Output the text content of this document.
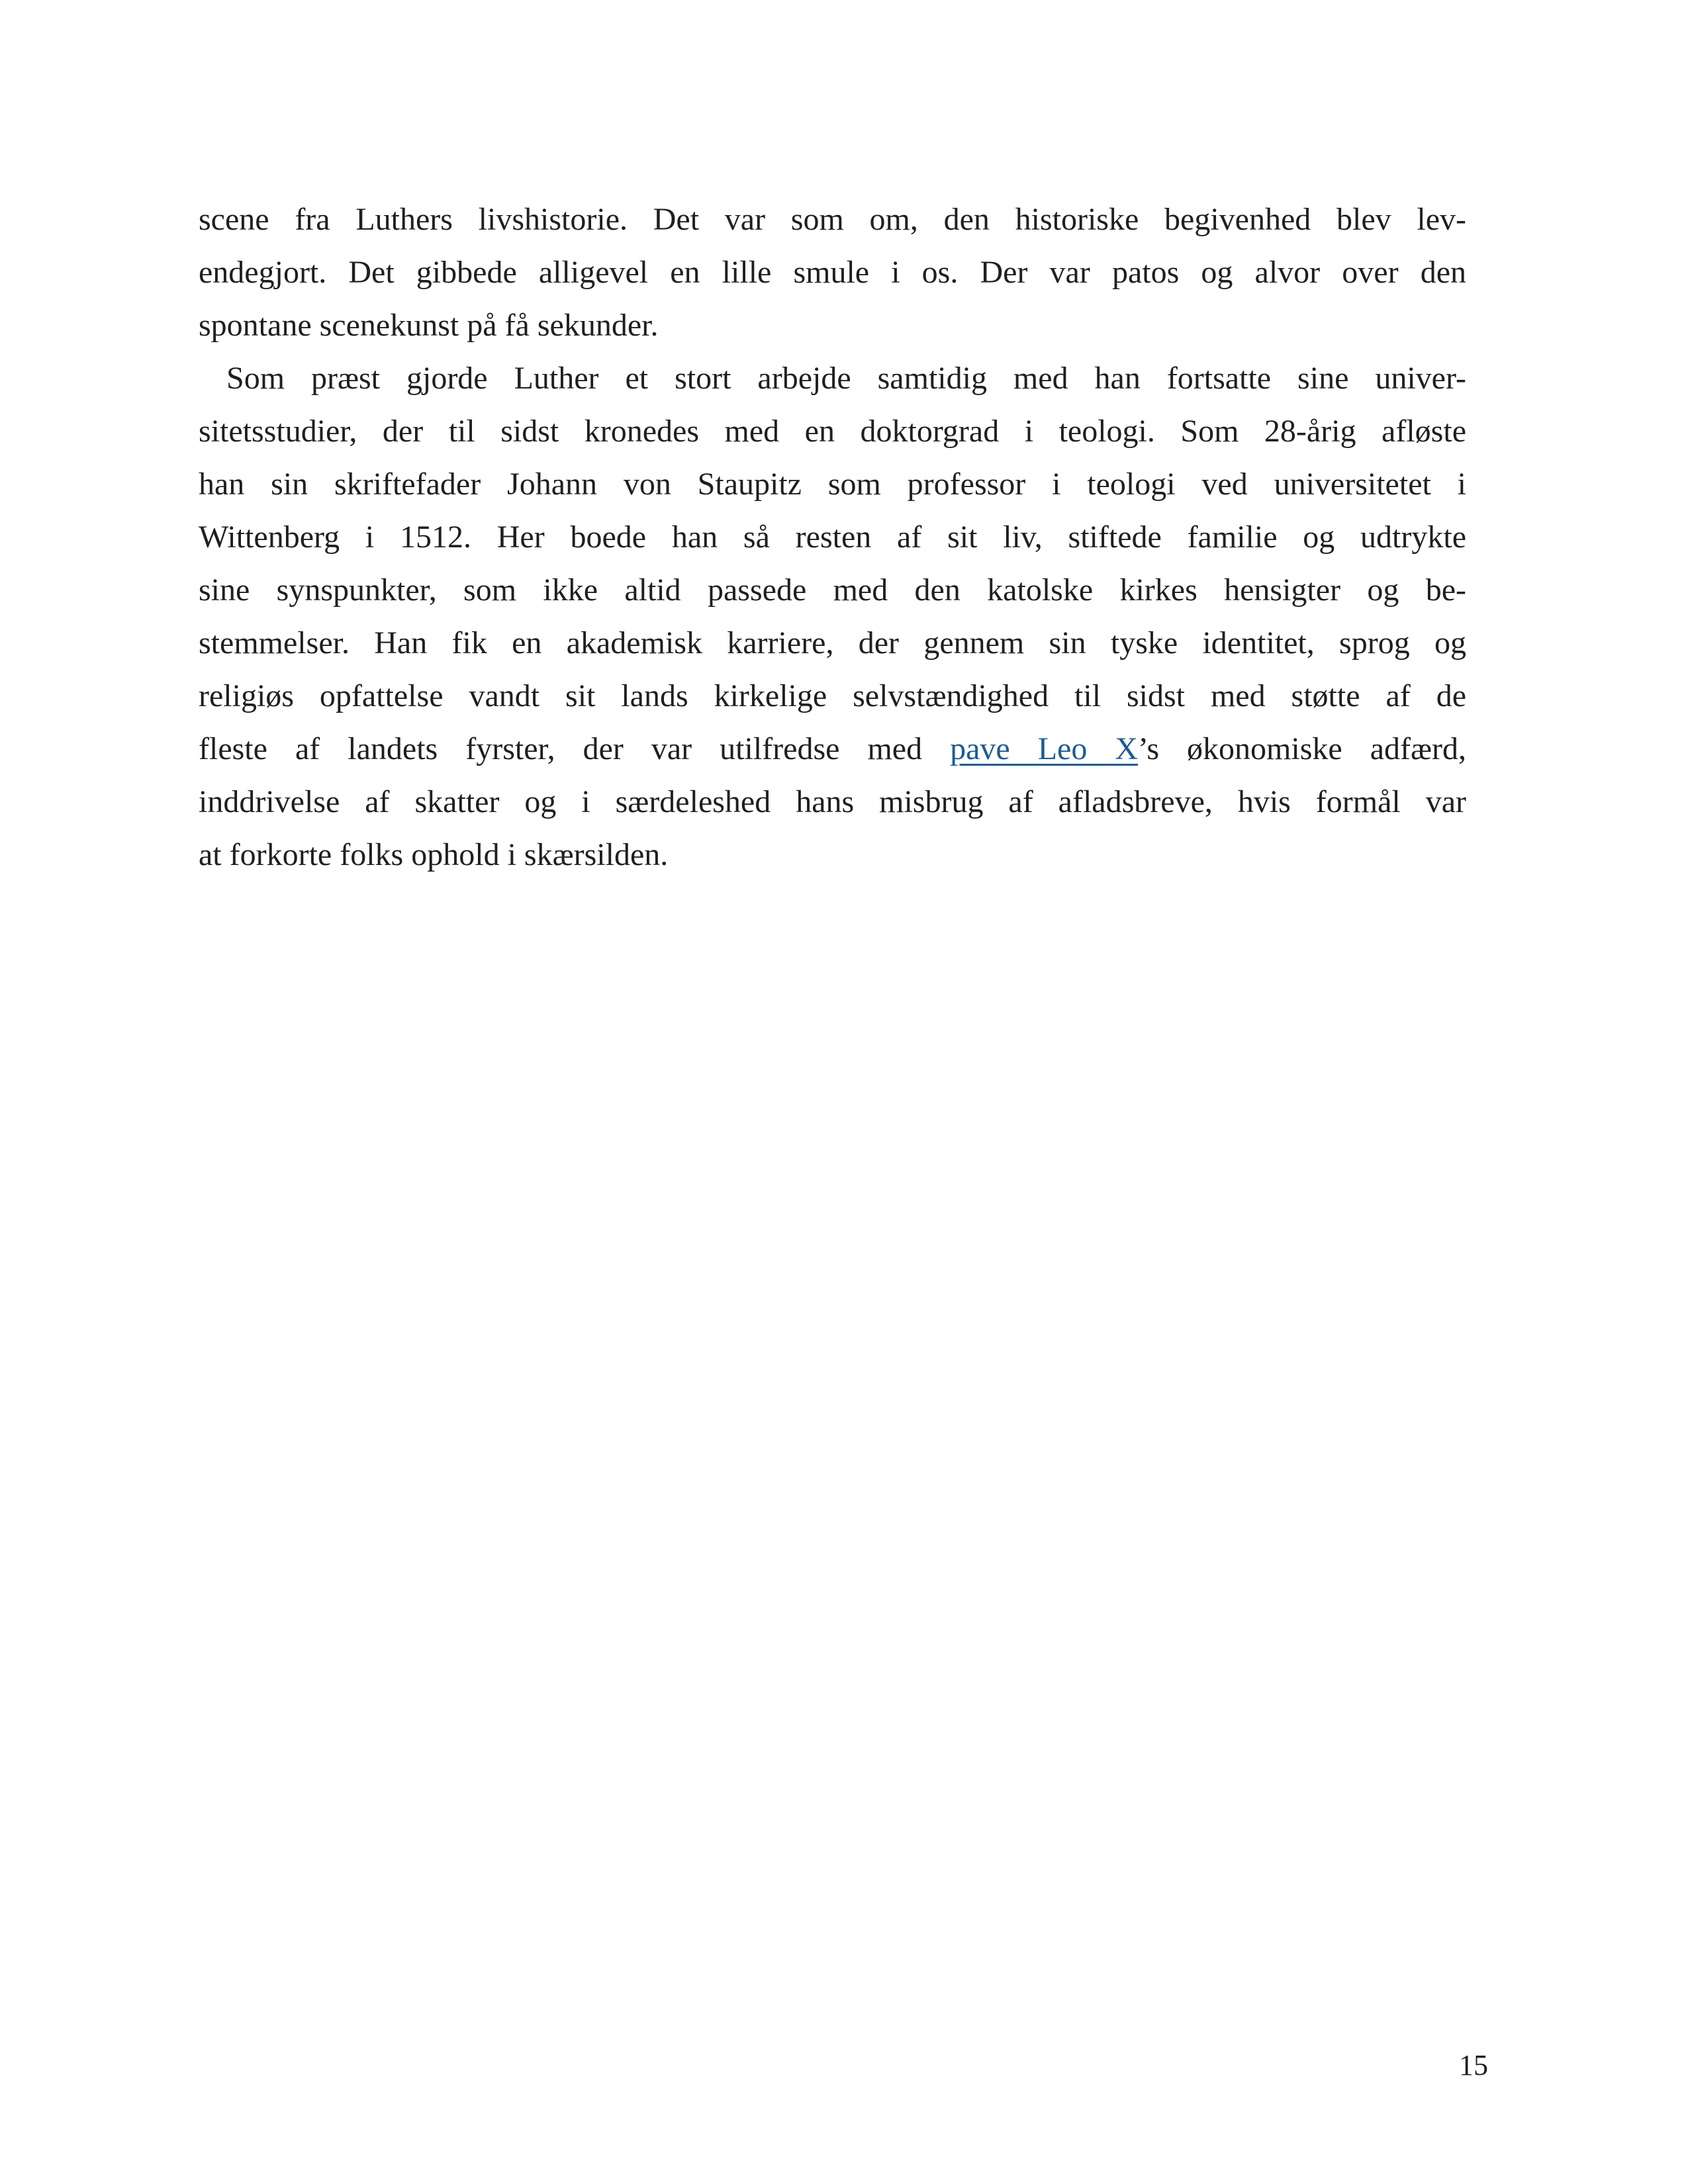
scene fra Luthers livshistorie. Det var som om, den historiske begivenhed blev lev-
endegjort. Det gibbede alligevel en lille smule i os. Der var patos og alvor over den
spontane scenekunst på få sekunder.
Som præst gjorde Luther et stort arbejde samtidig med han fortsatte sine univer-
sitetsstudier, der til sidst kronedes med en doktorgrad i teologi. Som 28-årig afløste
han sin skriftefader Johann von Staupitz som professor i teologi ved universitetet i
Wittenberg i 1512. Her boede han så resten af sit liv, stiftede familie og udtrykte
sine synspunkter, som ikke altid passede med den katolske kirkes hensigter og be-
stemmelser. Han fik en akademisk karriere, der gennem sin tyske identitet, sprog og
religiøs opfattelse vandt sit lands kirkelige selvstændighed til sidst med støtte af de
fleste af landets fyrster, der var utilfredse med pave Leo X’s økonomiske adfærd,
inddrivelse af skatter og i særdeleshed hans misbrug af afladsbreve, hvis formål var
at forkorte folks ophold i skærsilden.
15
